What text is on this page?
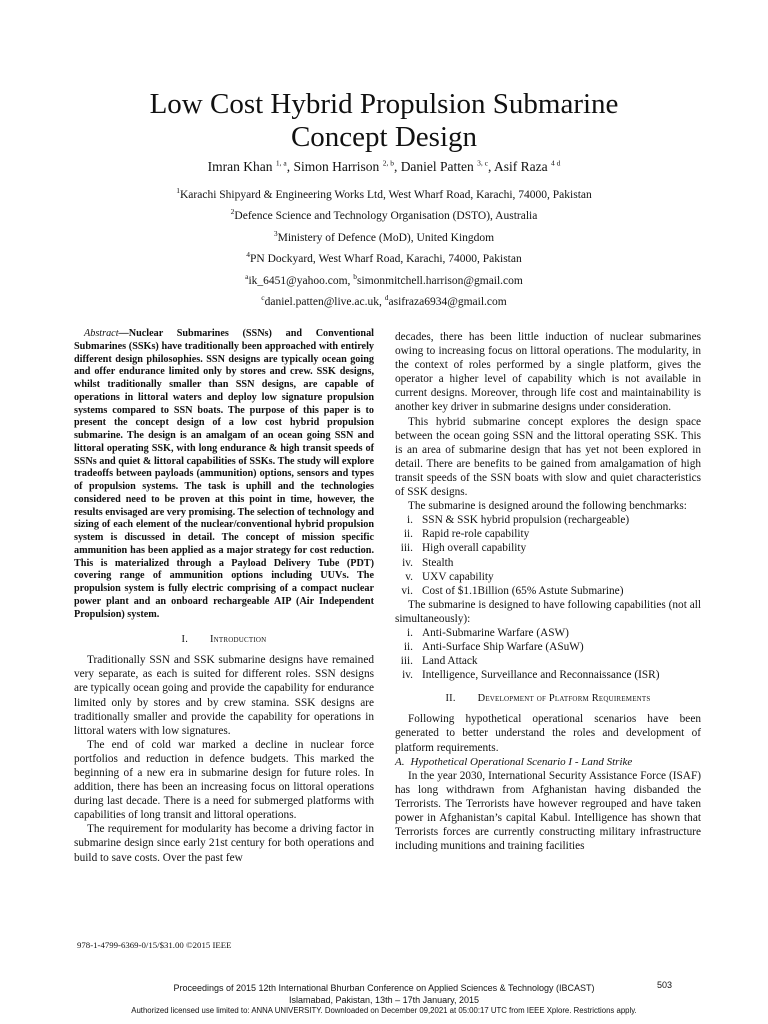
Low Cost Hybrid Propulsion Submarine
Concept Design
Imran Khan $^{1, a}$, Simon Harrison $^{2, b}$, Daniel Patten $^{3, c}$, Asif Raza $^{4 d}$
$^1$Karachi Shipyard & Engineering Works Ltd, West Wharf Road, Karachi, 74000, Pakistan
$^2$Defence Science and Technology Organisation (DSTO), Australia
$^3$Ministery of Defence (MoD), United Kingdom
$^4$PN Dockyard, West Wharf Road, Karachi, 74000, Pakistan
$^a$ik_6451@yahoo.com, $^b$simonmitchell.harrison@gmail.com
$^c$daniel.patten@live.ac.uk, $^d$asifraza6934@gmail.com

Abstract—Nuclear Submarines (SSNs) and Conventional Submarines (SSKs) have traditionally been approached with entirely different design philosophies. SSN designs are typically ocean going and offer endurance limited only by stores and crew. SSK designs, whilst traditionally smaller than SSN designs, are capable of operations in littoral waters and deploy low signature propulsion systems compared to SSN boats. The purpose of this paper is to present the concept design of a low cost hybrid propulsion submarine. The design is an amalgam of an ocean going SSN and littoral operating SSK, with long endurance & high transit speeds of SSNs and quiet & littoral capabilities of SSKs. The study will explore tradeoffs between payloads (ammunition) options, sensors and types of propulsion systems. The task is uphill and the technologies considered need to be proven at this point in time, however, the results envisaged are very promising. The selection of technology and sizing of each element of the nuclear/conventional hybrid propulsion system is discussed in detail. The concept of mission specific ammunition has been applied as a major strategy for cost reduction. This is materialized through a Payload Delivery Tube (PDT) covering range of ammunition options including UUVs. The propulsion system is fully electric comprising of a compact nuclear power plant and an onboard rechargeable AIP (Air Independent Propulsion) system.

I. Introduction

Traditionally SSN and SSK submarine designs have remained very separate, as each is suited for different roles. SSN designs are typically ocean going and provide the capability for endurance limited only by stores and by crew stamina. SSK designs are traditionally smaller and provide the capability for operations in littoral waters with low signatures.

The end of cold war marked a decline in nuclear force portfolios and reduction in defence budgets. This marked the beginning of a new era in submarine design for future roles. In addition, there has been an increasing focus on littoral operations during last decade. There is a need for submerged platforms with capabilities of long transit and littoral operations.

The requirement for modularity has become a driving factor in submarine design since early 21st century for both operations and build to save costs. Over the past few

decades, there has been little induction of nuclear submarines owing to increasing focus on littoral operations. The modularity, in the context of roles performed by a single platform, gives the operator a higher level of capability which is not available in current designs. Moreover, through life cost and maintainability is another key driver in submarine designs under consideration.

This hybrid submarine concept explores the design space between the ocean going SSN and the littoral operating SSK. This is an area of submarine design that has yet not been explored in detail. There are benefits to be gained from amalgamation of high transit speeds of the SSN boats with slow and quiet characteristics of SSK designs.

The submarine is designed around the following benchmarks:

i. SSN & SSK hybrid propulsion (rechargeable)
ii. Rapid re-role capability
iii. High overall capability
iv. Stealth
v. UXV capability
vi. Cost of $1.1Billion (65% Astute Submarine)

The submarine is designed to have following capabilities (not all simultaneously):

i. Anti-Submarine Warfare (ASW)
ii. Anti-Surface Ship Warfare (ASuW)
iii. Land Attack
iv. Intelligence, Surveillance and Reconnaissance (ISR)
II. Development of Platform Requirements

Following hypothetical operational scenarios have been generated to better understand the roles and development of platform requirements.

A. Hypothetical Operational Scenario I - Land Strike

In the year 2030, International Security Assistance Force (ISAF) has long withdrawn from Afghanistan having disbanded the Terrorists. The Terrorists have however regrouped and have taken power in Afghanistan’s capital Kabul. Intelligence has shown that Terrorists forces are currently constructing military infrastructure including munitions and training facilities

978-1-4799-6369-0/15/$31.00 ©2015 IEEE
503
Proceedings of 2015 12th International Bhurban Conference on Applied Sciences & Technology (IBCAST)
Islamabad, Pakistan, 13th – 17th January, 2015
Authorized licensed use limited to: ANNA UNIVERSITY. Downloaded on December 09,2021 at 05:00:17 UTC from IEEE Xplore. Restrictions apply.
